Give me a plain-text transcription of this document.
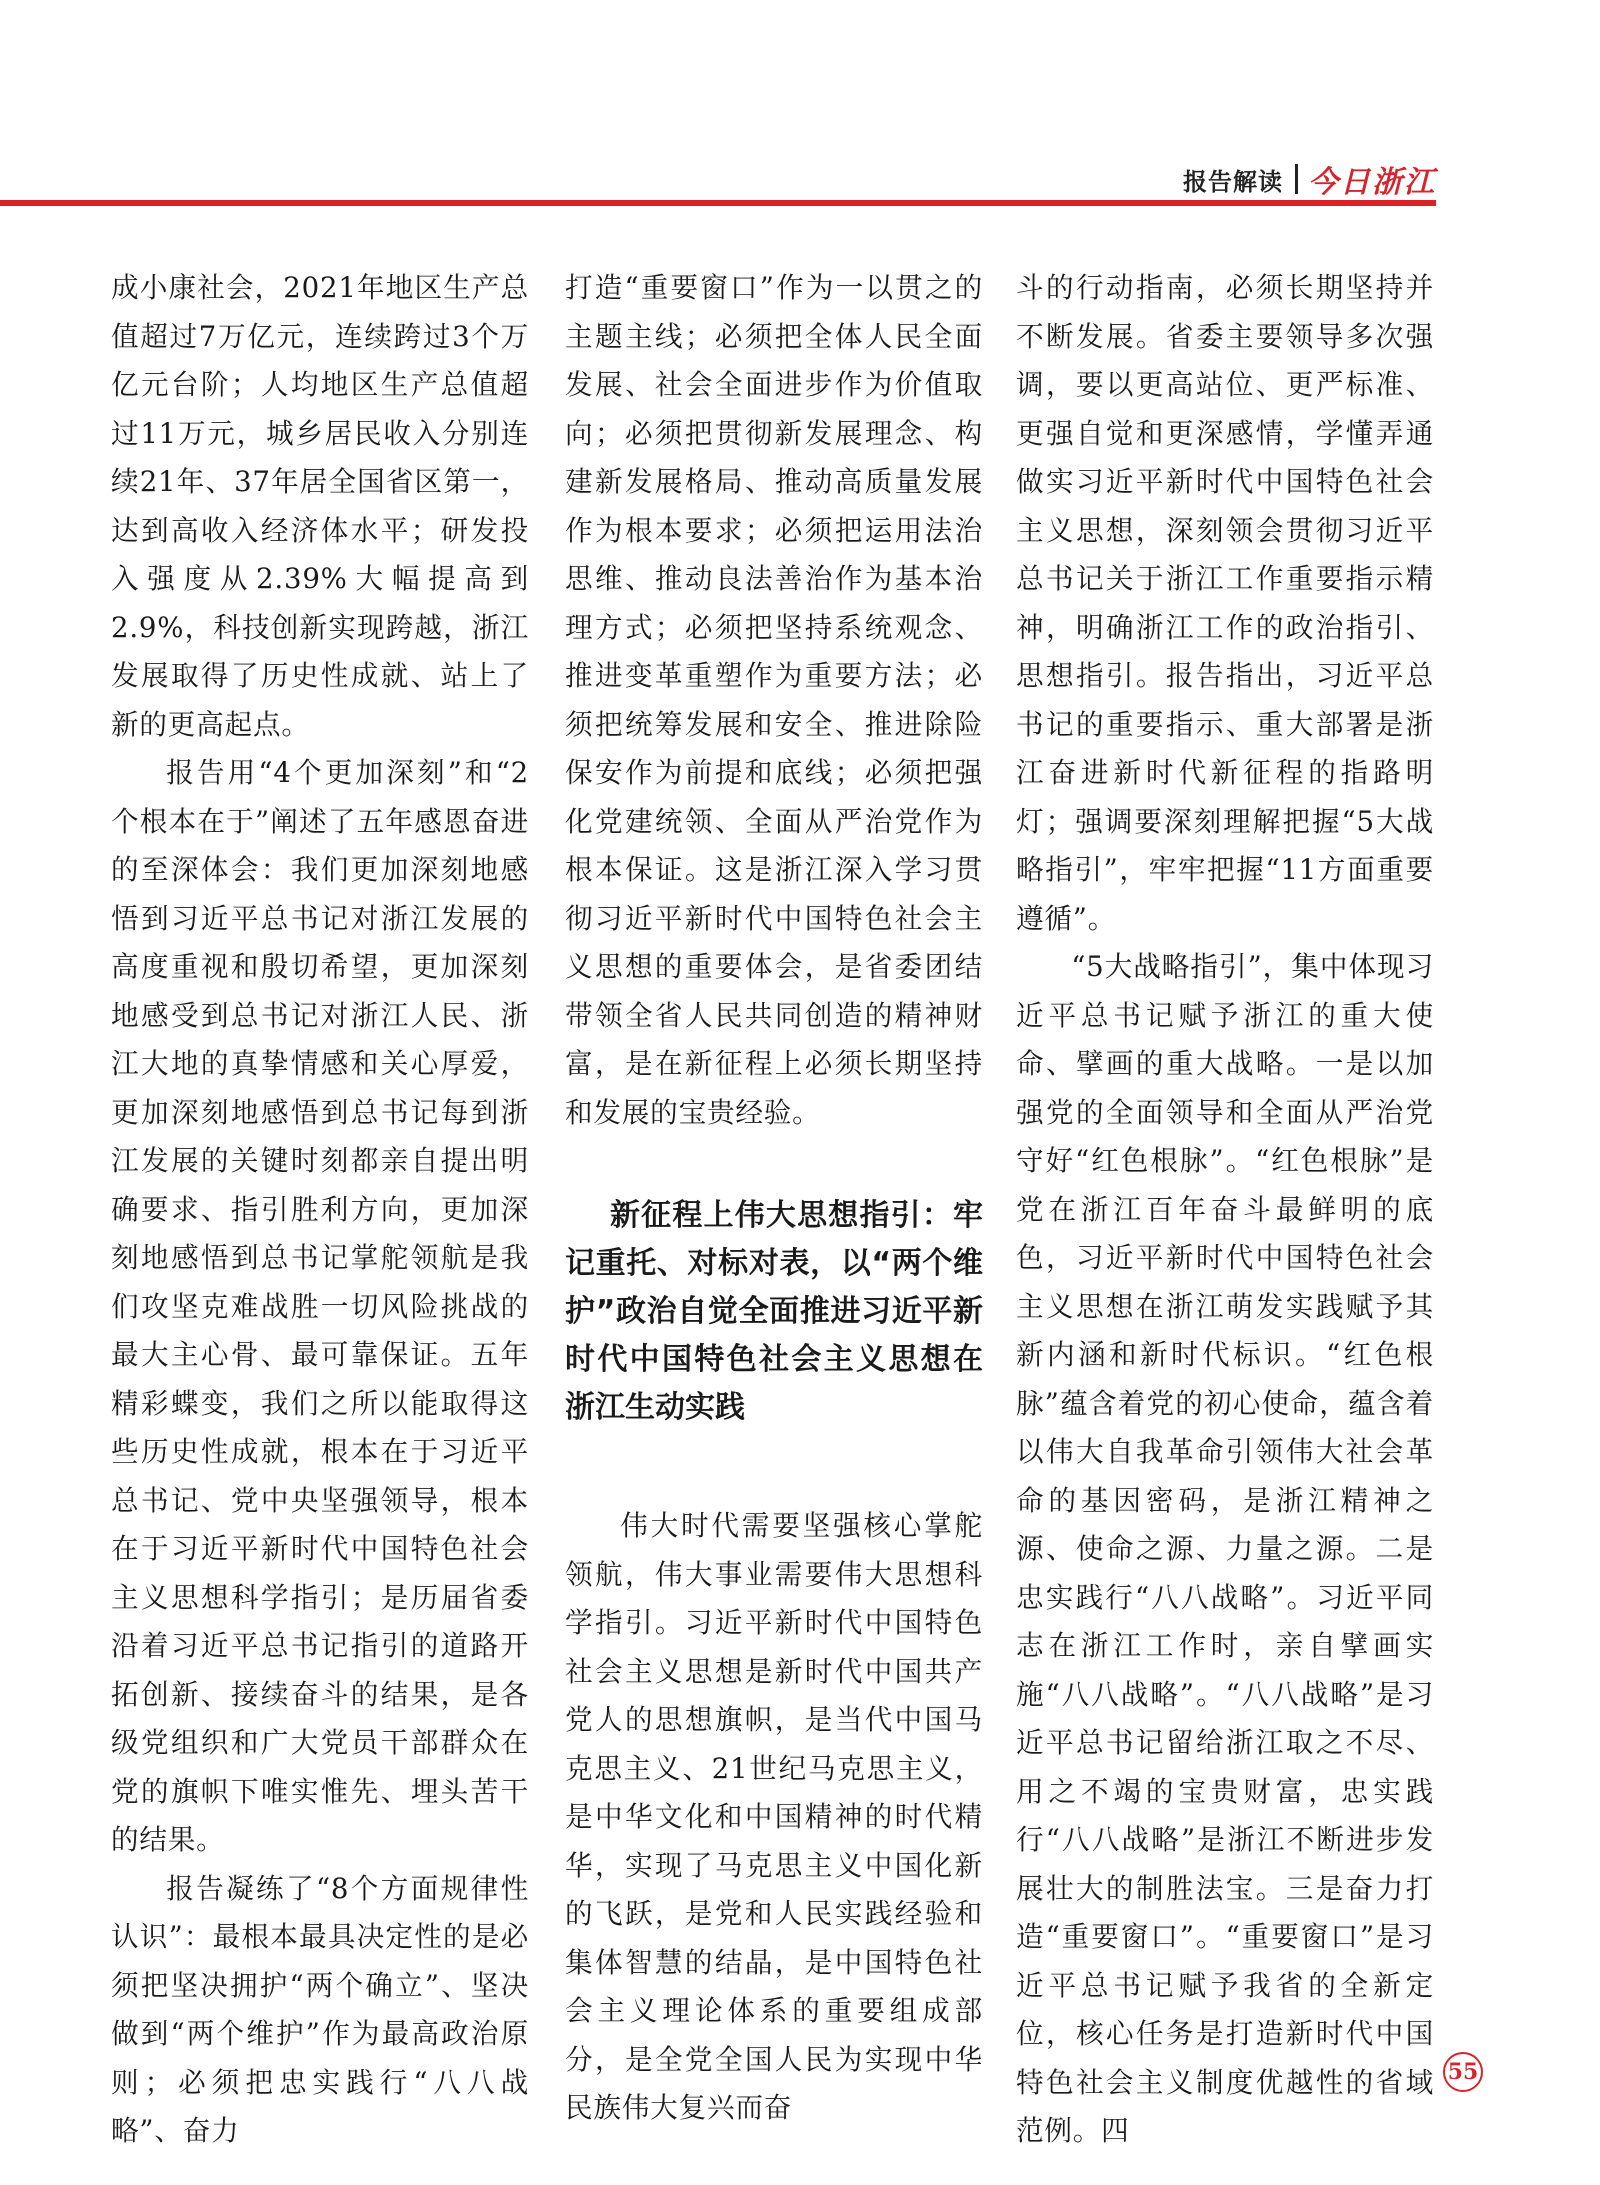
报告解读 今日浙江

成小康社会，2021年地区生产总值超过7万亿元，连续跨过3个万亿元台阶；人均地区生产总值超过11万元，城乡居民收入分别连续21年、37年居全国省区第一，达到高收入经济体水平；研发投入强度从2.39%大幅提高到2.9%，科技创新实现跨越，浙江发展取得了历史性成就、站上了新的更高起点。

报告用“4个更加深刻”和“2个根本在于”阐述了五年感恩奋进的至深体会：我们更加深刻地感悟到习近平总书记对浙江发展的高度重视和殷切希望，更加深刻地感受到总书记对浙江人民、浙江大地的真挚情感和关心厚爱，更加深刻地感悟到总书记每到浙江发展的关键时刻都亲自提出明确要求、指引胜利方向，更加深刻地感悟到总书记掌舵领航是我们攻坚克难战胜一切风险挑战的最大主心骨、最可靠保证。五年精彩蝶变，我们之所以能取得这些历史性成就，根本在于习近平总书记、党中央坚强领导，根本在于习近平新时代中国特色社会主义思想科学指引；是历届省委沿着习近平总书记指引的道路开拓创新、接续奋斗的结果，是各级党组织和广大党员干部群众在党的旗帜下唯实惟先、埋头苦干的结果。

报告凝练了“8个方面规律性认识”：最根本最具决定性的是必须把坚决拥护“两个确立”、坚决做到“两个维护”作为最高政治原则；必须把忠实践行“八八战略”、奋力

打造“重要窗口”作为一以贯之的主题主线；必须把全体人民全面发展、社会全面进步作为价值取向；必须把贯彻新发展理念、构建新发展格局、推动高质量发展作为根本要求；必须把运用法治思维、推动良法善治作为基本治理方式；必须把坚持系统观念、推进变革重塑作为重要方法；必须把统筹发展和安全、推进除险保安作为前提和底线；必须把强化党建统领、全面从严治党作为根本保证。这是浙江深入学习贯彻习近平新时代中国特色社会主义思想的重要体会，是省委团结带领全省人民共同创造的精神财富，是在新征程上必须长期坚持和发展的宝贵经验。

新征程上伟大思想指引：牢记重托、对标对表，以“两个维护”政治自觉全面推进习近平新时代中国特色社会主义思想在浙江生动实践

伟大时代需要坚强核心掌舵领航，伟大事业需要伟大思想科学指引。习近平新时代中国特色社会主义思想是新时代中国共产党人的思想旗帜，是当代中国马克思主义、21世纪马克思主义，是中华文化和中国精神的时代精华，实现了马克思主义中国化新的飞跃，是党和人民实践经验和集体智慧的结晶，是中国特色社会主义理论体系的重要组成部分，是全党全国人民为实现中华民族伟大复兴而奋

斗的行动指南，必须长期坚持并不断发展。省委主要领导多次强调，要以更高站位、更严标准、更强自觉和更深感情，学懂弄通做实习近平新时代中国特色社会主义思想，深刻领会贯彻习近平总书记关于浙江工作重要指示精神，明确浙江工作的政治指引、思想指引。报告指出，习近平总书记的重要指示、重大部署是浙江奋进新时代新征程的指路明灯；强调要深刻理解把握“5大战略指引”，牢牢把握“11方面重要遵循”。

“5大战略指引”，集中体现习近平总书记赋予浙江的重大使命、擘画的重大战略。一是以加强党的全面领导和全面从严治党守好“红色根脉”。“红色根脉”是党在浙江百年奋斗最鲜明的底色，习近平新时代中国特色社会主义思想在浙江萌发实践赋予其新内涵和新时代标识。“红色根脉”蕴含着党的初心使命，蕴含着以伟大自我革命引领伟大社会革命的基因密码，是浙江精神之源、使命之源、力量之源。二是忠实践行“八八战略”。习近平同志在浙江工作时，亲自擘画实施“八八战略”。“八八战略”是习近平总书记留给浙江取之不尽、用之不竭的宝贵财富，忠实践行“八八战略”是浙江不断进步发展壮大的制胜法宝。三是奋力打造“重要窗口”。“重要窗口”是习近平总书记赋予我省的全新定位，核心任务是打造新时代中国特色社会主义制度优越性的省域范例。四

55
